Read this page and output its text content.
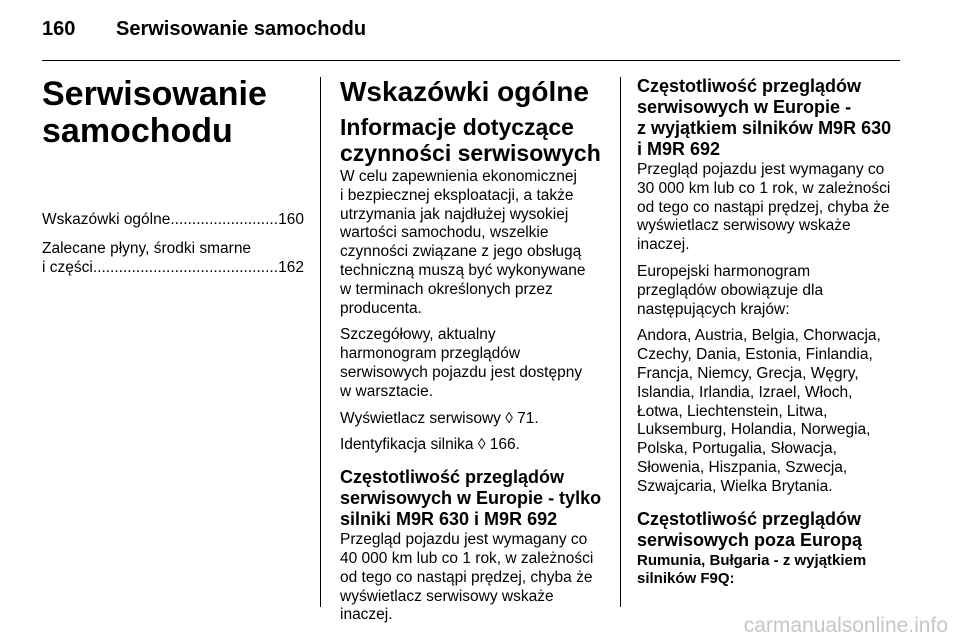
160 Serwisowanie samochodu
Serwisowanie
samochodu
Wskazówki ogólne .....	160
Zalecane płyny, środki smarne
i części .....	162
Wskazówki ogólne
Informacje dotyczące
czynności serwisowych

W celu zapewnienia ekonomicznej
i bezpiecznej eksploatacji, a także
utrzymania jak najdłużej wysokiej
wartości samochodu, wszelkie
czynności związane z jego obsługą
techniczną muszą być wykonywane
w terminach określonych przez
producenta.

Szczegółowy, aktualny
harmonogram przeglądów
serwisowych pojazdu jest dostępny
w warsztacie.

Wyświetlacz serwisowy ◊ 71.

Identyfikacja silnika ◊ 166.

Częstotliwość przeglądów
serwisowych w Europie - tylko
silniki M9R 630 i M9R 692

Przegląd pojazdu jest wymagany co
40 000 km lub co 1 rok, w zależności
od tego co nastąpi prędzej, chyba że
wyświetlacz serwisowy wskaże
inaczej.

Częstotliwość przeglądów
serwisowych w Europie -
z wyjątkiem silników M9R 630
i M9R 692

Przegląd pojazdu jest wymagany co
30 000 km lub co 1 rok, w zależności
od tego co nastąpi prędzej, chyba że
wyświetlacz serwisowy wskaże
inaczej.

Europejski harmonogram
przeglądów obowiązuje dla
następujących krajów:

Andora, Austria, Belgia, Chorwacja,
Czechy, Dania, Estonia, Finlandia,
Francja, Niemcy, Grecja, Węgry,
Islandia, Irlandia, Izrael, Włoch,
Łotwa, Liechtenstein, Litwa,
Luksemburg, Holandia, Norwegia,
Polska, Portugalia, Słowacja,
Słowenia, Hiszpania, Szwecja,
Szwajcaria, Wielka Brytania.

Częstotliwość przeglądów
serwisowych poza Europą
Rumunia, Bułgaria - z wyjątkiem
silników F9Q:
carmanualsonline.info
